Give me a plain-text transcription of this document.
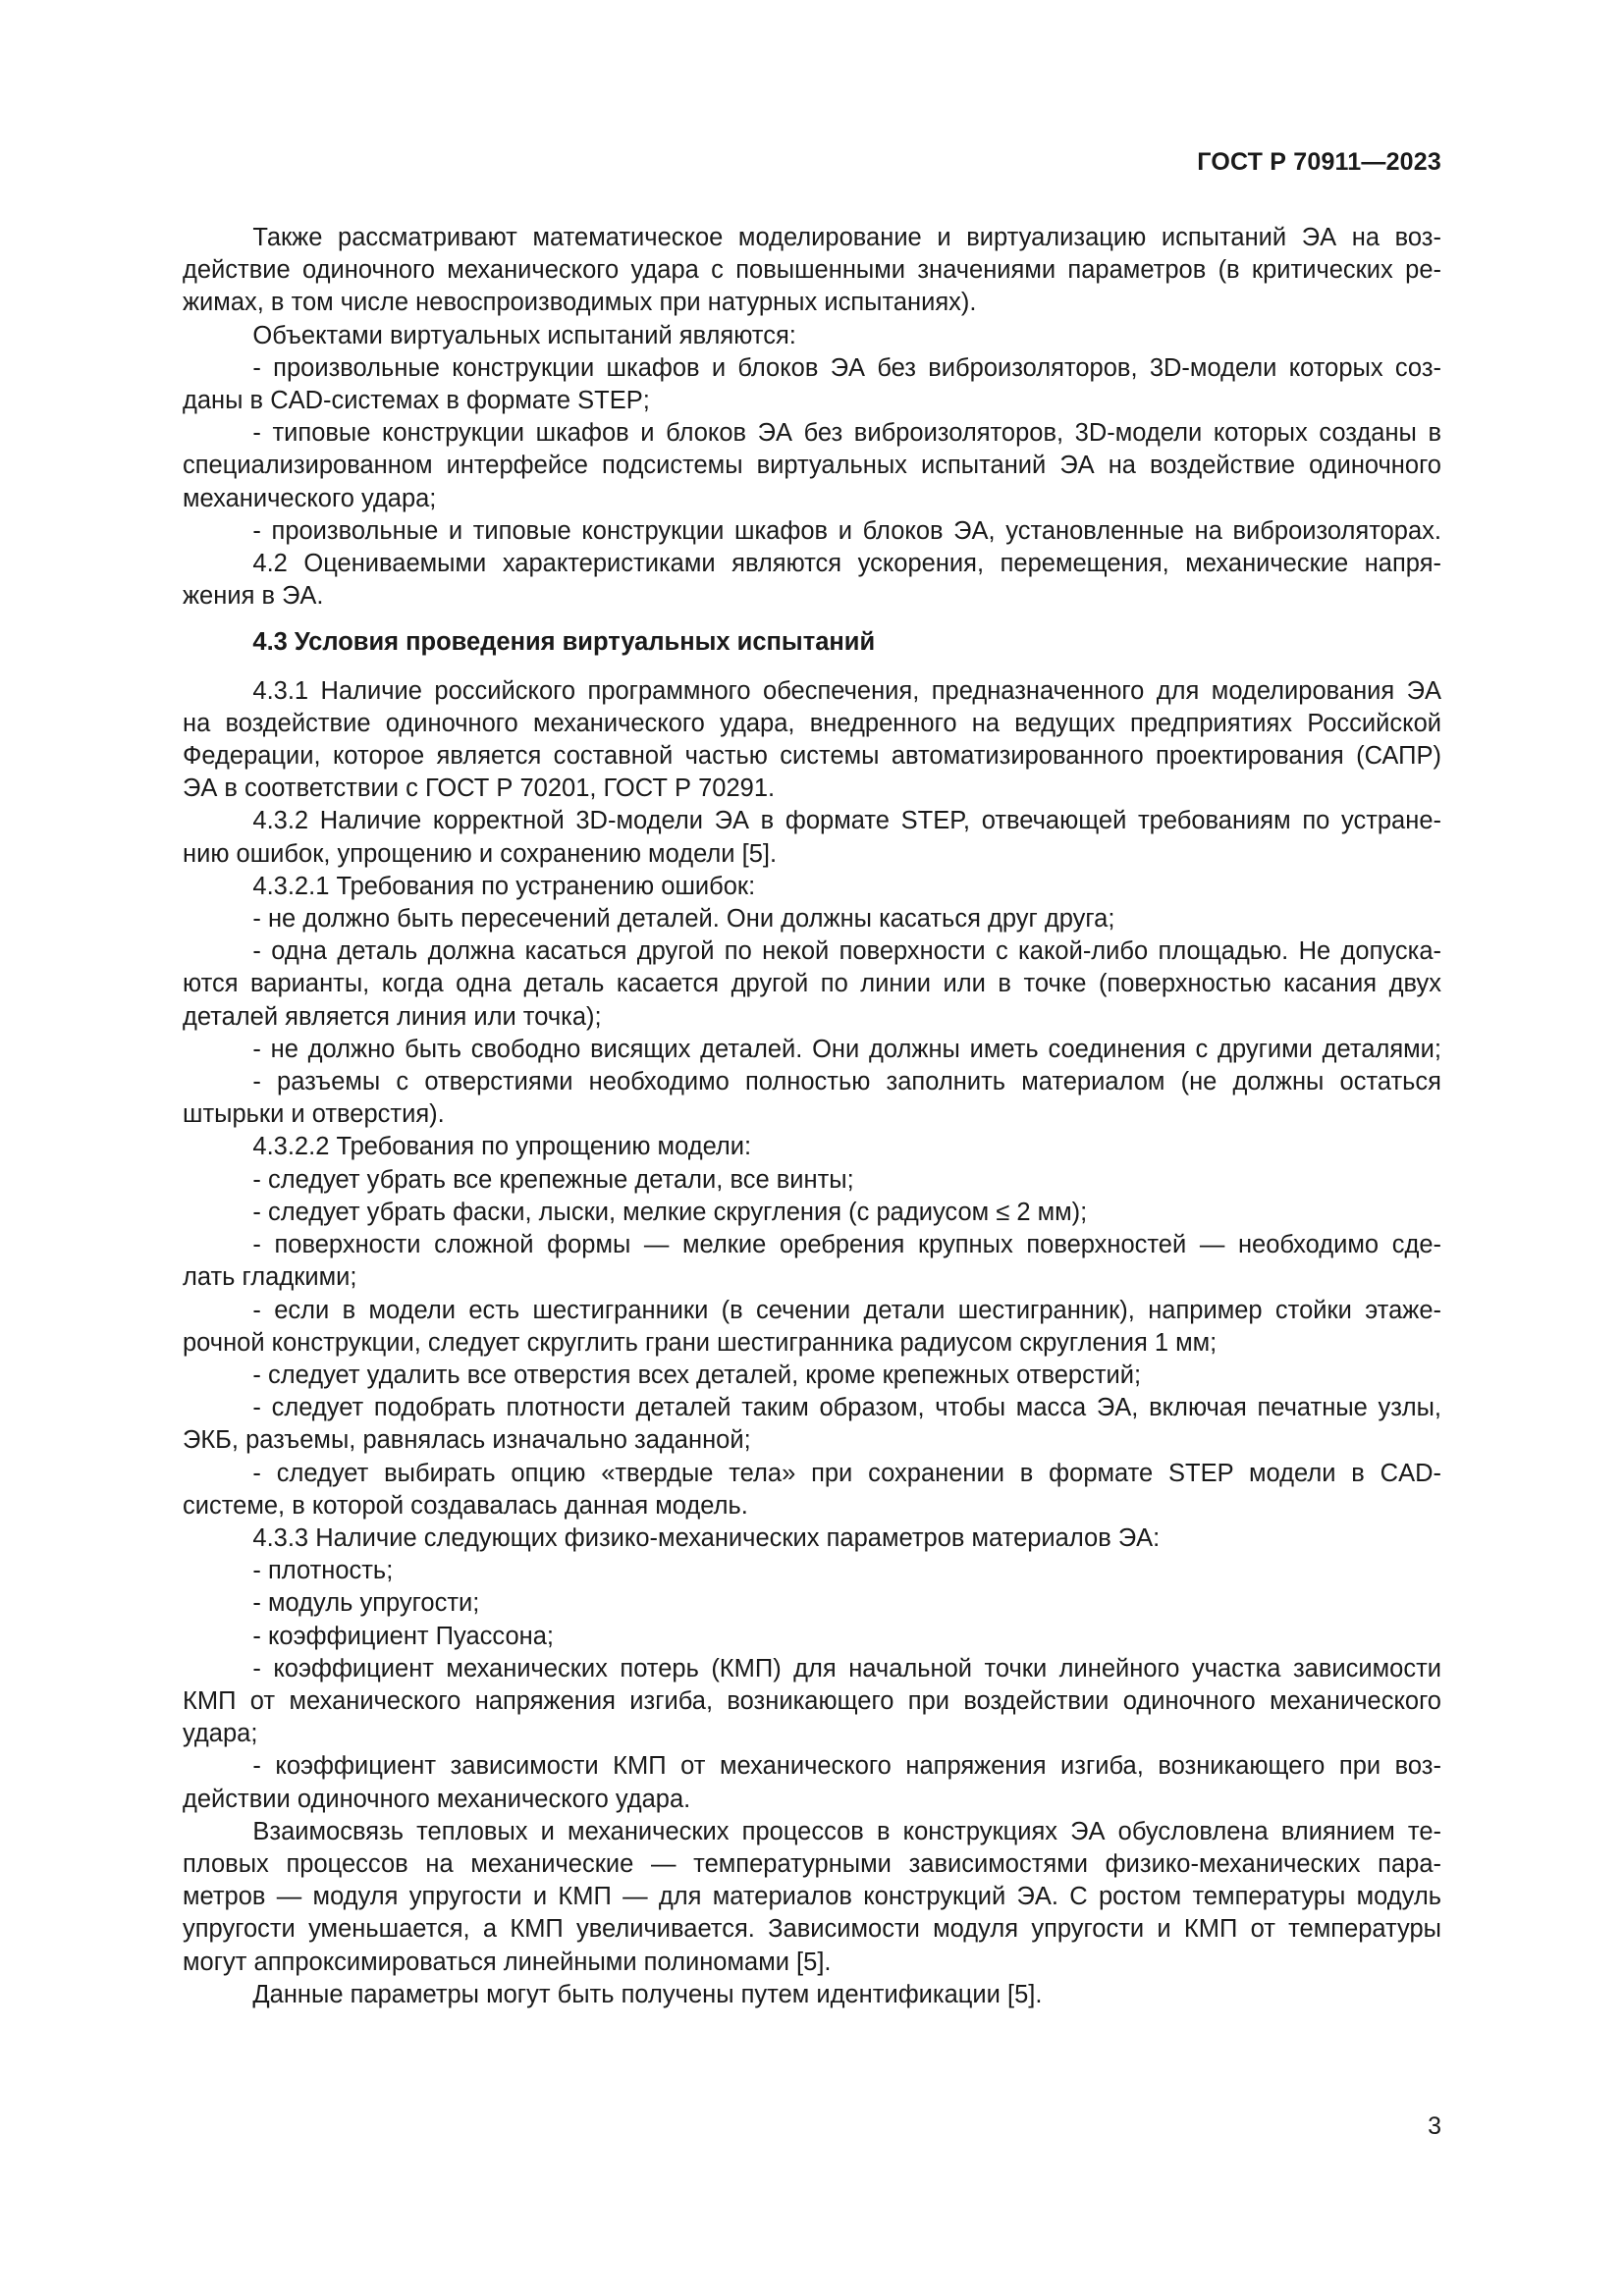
ГОСТ Р 70911—2023
Также рассматривают математическое моделирование и виртуализацию испытаний ЭА на воз-
действие одиночного механического удара с повышенными значениями параметров (в критических ре-
жимах, в том числе невоспроизводимых при натурных испытаниях).
Объектами виртуальных испытаний являются:
- произвольные конструкции шкафов и блоков ЭА без виброизоляторов, 3D-модели которых соз-
даны в CAD-системах в формате STEP;
- типовые конструкции шкафов и блоков ЭА без виброизоляторов, 3D-модели которых созданы в
специализированном интерфейсе подсистемы виртуальных испытаний ЭА на воздействие одиночного
механического удара;
- произвольные и типовые конструкции шкафов и блоков ЭА, установленные на виброизоляторах.
4.2 Оцениваемыми характеристиками являются ускорения, перемещения, механические напря-
жения в ЭА.
4.3 Условия проведения виртуальных испытаний
4.3.1 Наличие российского программного обеспечения, предназначенного для моделирования ЭА
на воздействие одиночного механического удара, внедренного на ведущих предприятиях Российской
Федерации, которое является составной частью системы автоматизированного проектирования (САПР)
ЭА в соответствии с ГОСТ Р 70201, ГОСТ Р 70291.
4.3.2 Наличие корректной 3D-модели ЭА в формате STEP, отвечающей требованиям по устране-
нию ошибок, упрощению и сохранению модели [5].
4.3.2.1 Требования по устранению ошибок:
- не должно быть пересечений деталей. Они должны касаться друг друга;
- одна деталь должна касаться другой по некой поверхности с какой-либо площадью. Не допуска-
ются варианты, когда одна деталь касается другой по линии или в точке (поверхностью касания двух
деталей является линия или точка);
- не должно быть свободно висящих деталей. Они должны иметь соединения с другими деталями;
- разъемы с отверстиями необходимо полностью заполнить материалом (не должны остаться
штырьки и отверстия).
4.3.2.2 Требования по упрощению модели:
- следует убрать все крепежные детали, все винты;
- следует убрать фаски, лыски, мелкие скругления (с радиусом ≤ 2 мм);
- поверхности сложной формы — мелкие оребрения крупных поверхностей — необходимо сде-
лать гладкими;
- если в модели есть шестигранники (в сечении детали шестигранник), например стойки этаже-
рочной конструкции, следует скруглить грани шестигранника радиусом скругления 1 мм;
- следует удалить все отверстия всех деталей, кроме крепежных отверстий;
- следует подобрать плотности деталей таким образом, чтобы масса ЭА, включая печатные узлы,
ЭКБ, разъемы, равнялась изначально заданной;
- следует выбирать опцию «твердые тела» при сохранении в формате STEP модели в CAD-
системе, в которой создавалась данная модель.
4.3.3 Наличие следующих физико-механических параметров материалов ЭА:
- плотность;
- модуль упругости;
- коэффициент Пуассона;
- коэффициент механических потерь (КМП) для начальной точки линейного участка зависимости
КМП от механического напряжения изгиба, возникающего при воздействии одиночного механического
удара;
- коэффициент зависимости КМП от механического напряжения изгиба, возникающего при воз-
действии одиночного механического удара.
Взаимосвязь тепловых и механических процессов в конструкциях ЭА обусловлена влиянием те-
пловых процессов на механические — температурными зависимостями физико-механических пара-
метров — модуля упругости и КМП — для материалов конструкций ЭА. С ростом температуры модуль
упругости уменьшается, а КМП увеличивается. Зависимости модуля упругости и КМП от температуры
могут аппроксимироваться линейными полиномами [5].
Данные параметры могут быть получены путем идентификации [5].
3
